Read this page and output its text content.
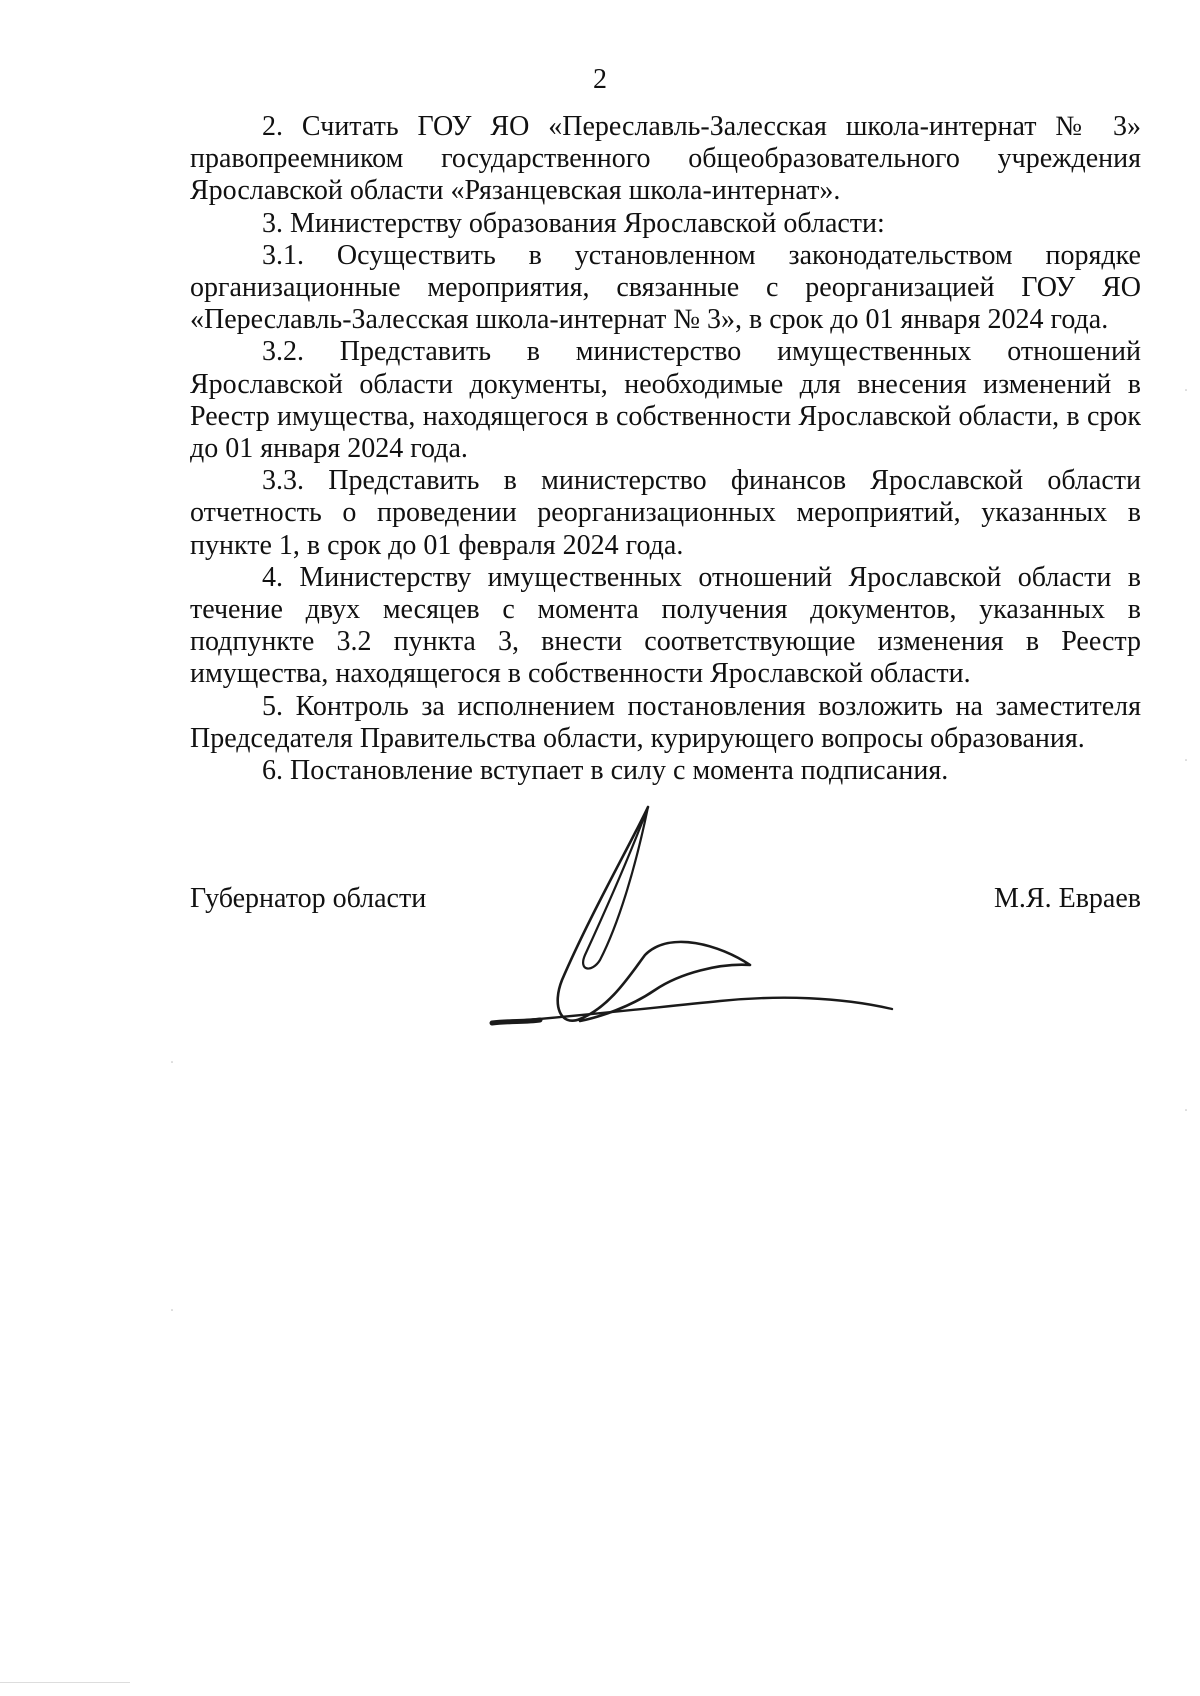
2

2. Считать ГОУ ЯО «Переславль-Залесская школа-интернат № 3» правопреемником государственного общеобразовательного учреждения Ярославской области «Рязанцевская школа-интернат».

3. Министерству образования Ярославской области:

3.1. Осуществить в установленном законодательством порядке организационные мероприятия, связанные с реорганизацией ГОУ ЯО «Переславль-Залесская школа-интернат № 3», в срок до 01 января 2024 года.

3.2. Представить в министерство имущественных отношений Ярославской области документы, необходимые для внесения изменений в Реестр имущества, находящегося в собственности Ярославской области, в срок до 01 января 2024 года.

3.3. Представить в министерство финансов Ярославской области отчетность о проведении реорганизационных мероприятий, указанных в пункте 1, в срок до 01 февраля 2024 года.

4. Министерству имущественных отношений Ярославской области в течение двух месяцев с момента получения документов, указанных в подпункте 3.2 пункта 3, внести соответствующие изменения в Реестр имущества, находящегося в собственности Ярославской области.

5. Контроль за исполнением постановления возложить на заместителя Председателя Правительства области, курирующего вопросы образования.

6. Постановление вступает в силу с момента подписания.

Губернатор области	М.Я. Евраев
